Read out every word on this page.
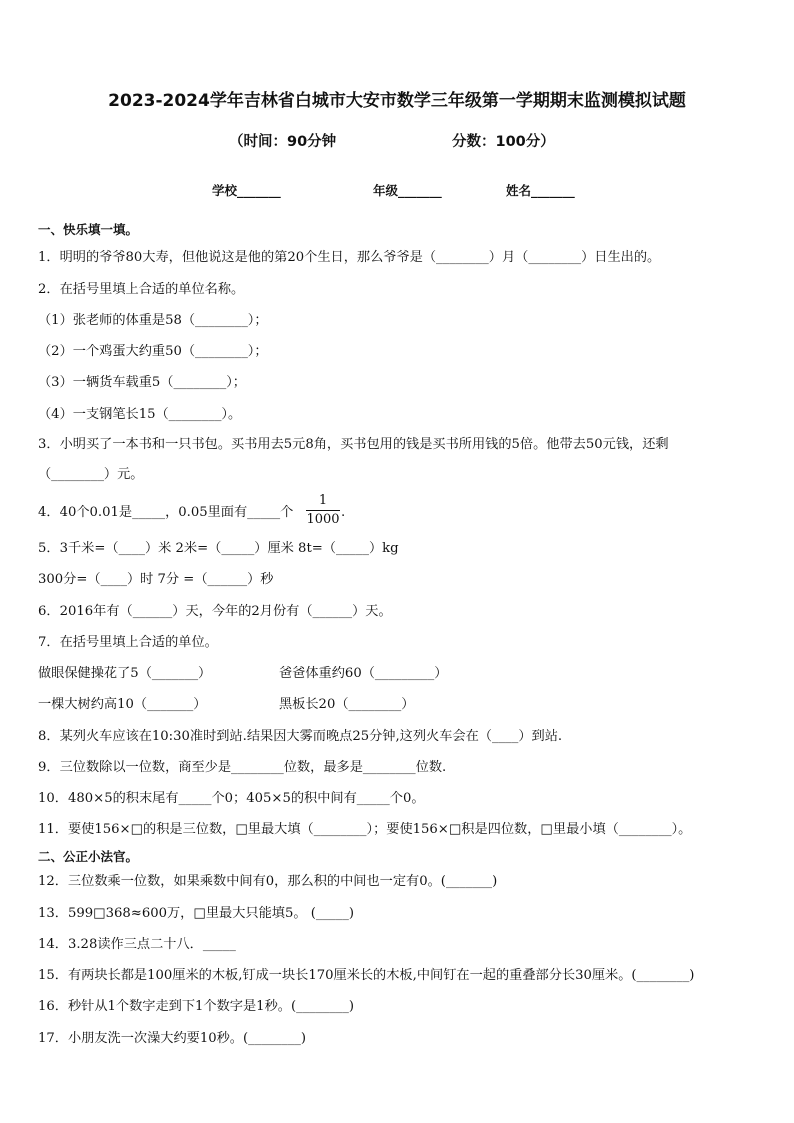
2023-2024学年吉林省白城市大安市数学三年级第一学期期末监测模拟试题
（时间：90分钟	分数：100分）
学校_______	年级_______	姓名_______
一、快乐填一填。
1．明明的爷爷80大寿，但他说这是他的第20个生日，那么爷爷是（________）月（________）日生出的。
2．在括号里填上合适的单位名称。
（1）张老师的体重是58（________）；
（2）一个鸡蛋大约重50（________）；
（3）一辆货车载重5（________）；
（4）一支钢笔长15（________）。
3．小明买了一本书和一只书包。买书用去5元8角，买书包用的钱是买书所用钱的5倍。他带去50元钱，还剩
（________）元。
4．40个0.01是_____，0.05里面有_____个
1
1000 .
5．3千米=（____）米 2米=（_____）厘米 8t=（_____）kg
300分=（____）时 7分 =（______）秒
6．2016年有（______）天，今年的2月份有（______）天。
7．在括号里填上合适的单位。
做眼保健操花了5（_______）	爸爸体重约60（_________）
一棵大树约高10（_______）	黑板长20（________）
8．某列火车应该在10:30准时到站.结果因大雾而晚点25分钟,这列火车会在（____）到站.
9．三位数除以一位数，商至少是________位数，最多是________位数.
10．480×5的积末尾有_____个0；405×5的积中间有_____个0。
11．要使156×□的积是三位数，□里最大填（________）；要使156×□积是四位数，□里最小填（________）。
二、公正小法官。
12．三位数乘一位数，如果乘数中间有0，那么积的中间也一定有0。(_______)
13．599□368≈600万，□里最大只能填5。 (_____)
14．3.28读作三点二十八．_____
15．有两块长都是100厘米的木板,钉成一块长170厘米长的木板,中间钉在一起的重叠部分长30厘米。(________)
16．秒针从1个数字走到下1个数字是1秒。(________)
17．小朋友洗一次澡大约要10秒。(________)
